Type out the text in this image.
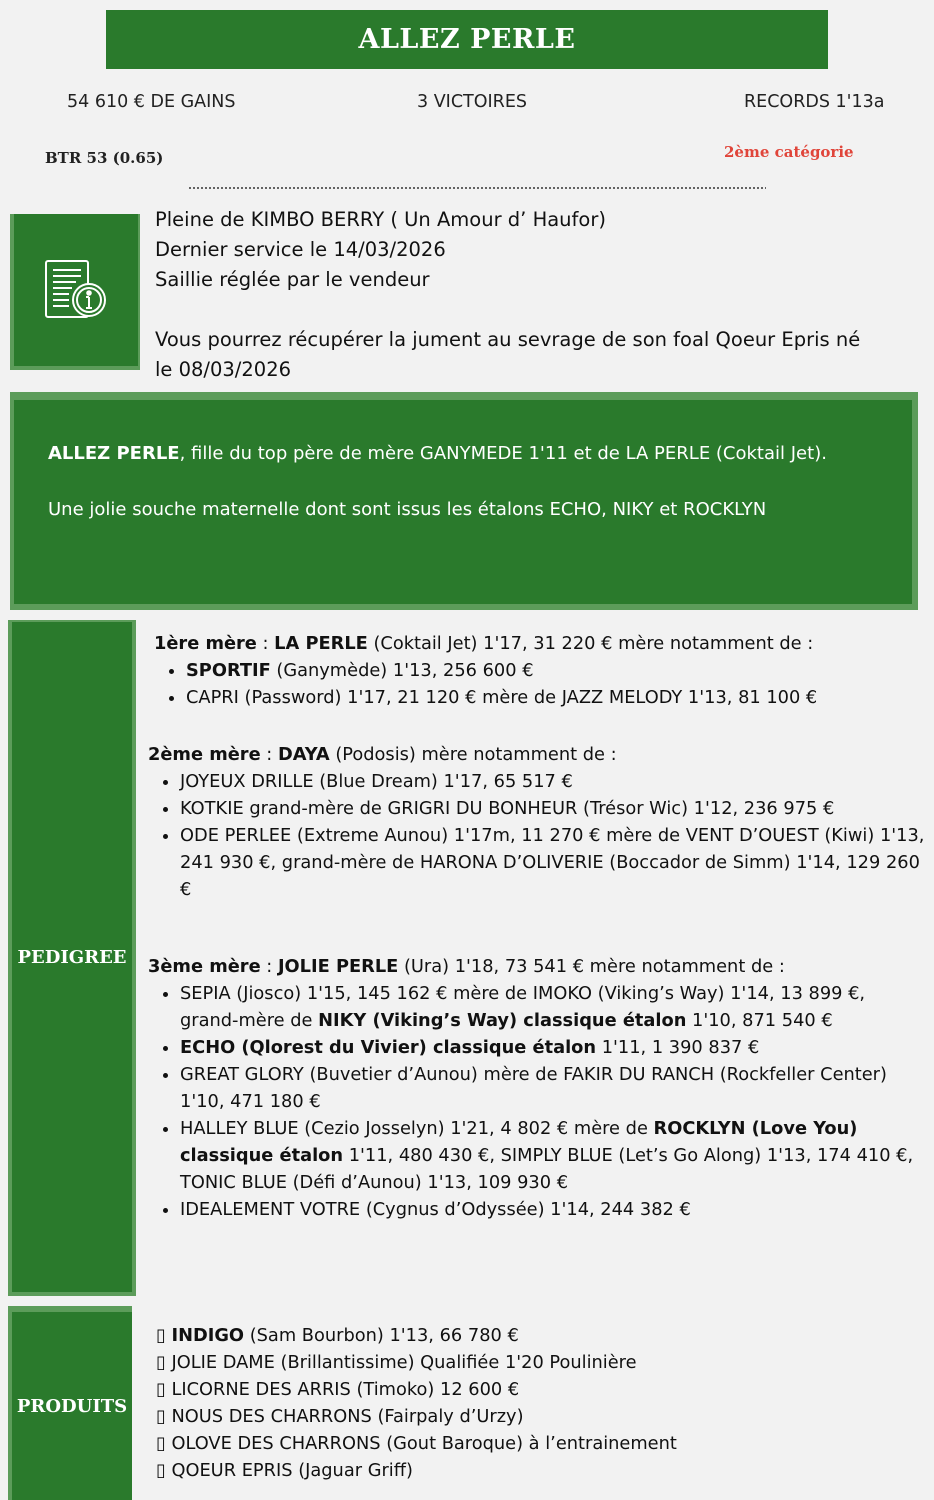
ALLEZ PERLE
54 610 € DE GAINS	3 VICTOIRES	RECORDS 1'13a
BTR 53 (0.65)	2ème catégorie
Pleine de KIMBO BERRY ( Un Amour d’ Haufor)
Dernier service le 14/03/2026
Saillie réglée par le vendeur
Vous pourrez récupérer la jument au sevrage de son foal Qoeur Epris né
le 08/03/2026
ALLEZ PERLE, fille du top père de mère GANYMEDE 1'11 et de LA PERLE (Coktail Jet).
Une jolie souche maternelle dont sont issus les étalons ECHO, NIKY et ROCKLYN
PEDIGREE
1ère mère : LA PERLE (Coktail Jet) 1'17, 31 220 € mère notamment de :
• SPORTIF (Ganymède) 1'13, 256 600 €
• CAPRI (Password) 1'17, 21 120 € mère de JAZZ MELODY 1'13, 81 100 €
2ème mère : DAYA (Podosis) mère notamment de :
• JOYEUX DRILLE (Blue Dream) 1'17, 65 517 €
• KOTKIE grand-mère de GRIGRI DU BONHEUR (Trésor Wic) 1'12, 236 975 €
• ODE PERLEE (Extreme Aunou) 1'17m, 11 270 € mère de VENT D’OUEST (Kiwi) 1'13, 241 930 €, grand-mère de HARONA D’OLIVERIE (Boccador de Simm) 1'14, 129 260 €
3ème mère : JOLIE PERLE (Ura) 1'18, 73 541 € mère notamment de :
• SEPIA (Jiosco) 1'15, 145 162 € mère de IMOKO (Viking’s Way) 1'14, 13 899 €, grand-mère de NIKY (Viking’s Way) classique étalon 1'10, 871 540 €
• ECHO (Qlorest du Vivier) classique étalon 1'11, 1 390 837 €
• GREAT GLORY (Buvetier d’Aunou) mère de FAKIR DU RANCH (Rockfeller Center) 1'10, 471 180 €
• HALLEY BLUE (Cezio Josselyn) 1'21, 4 802 € mère de ROCKLYN (Love You) classique étalon 1'11, 480 430 €, SIMPLY BLUE (Let’s Go Along) 1'13, 174 410 €, TONIC BLUE (Défi d’Aunou) 1'13, 109 930 €
• IDEALEMENT VOTRE (Cygnus d’Odyssée) 1'14, 244 382 €
PRODUITS
▯ INDIGO (Sam Bourbon) 1'13, 66 780 €
▯ JOLIE DAME (Brillantissime) Qualifiée 1'20 Poulinière
▯ LICORNE DES ARRIS (Timoko) 12 600 €
▯ NOUS DES CHARRONS (Fairpaly d’Urzy)
▯ OLOVE DES CHARRONS (Gout Baroque) à l’entrainement
▯ QOEUR EPRIS (Jaguar Griff)
